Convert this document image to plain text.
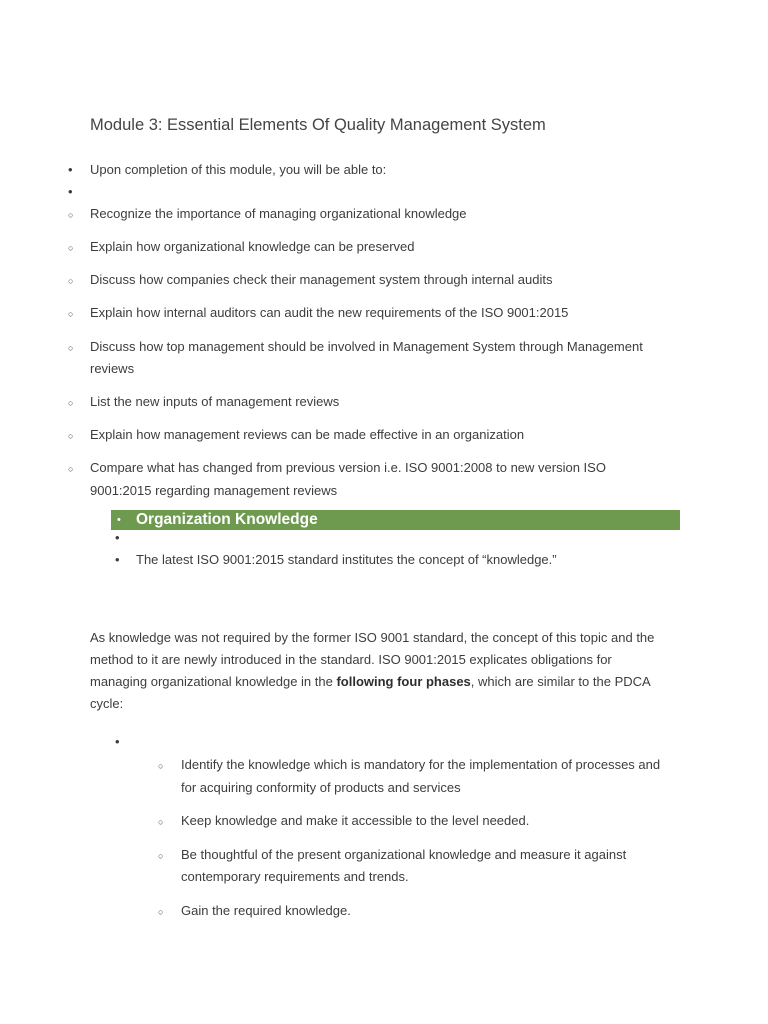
Module 3: Essential Elements Of Quality Management System
•
Upon completion of this module, you will be able to:
•
○
Recognize the importance of managing organizational knowledge
○
Explain how organizational knowledge can be preserved
○
Discuss how companies check their management system through internal audits
○
Explain how internal auditors can audit the new requirements of the ISO 9001:2015
○
Discuss how top management should be involved in Management System through Management
reviews
○
List the new inputs of management reviews
○
Explain how management reviews can be made effective in an organization
○
Compare what has changed from previous version i.e. ISO 9001:2008 to new version ISO
9001:2015 regarding management reviews
•
Organization Knowledge
•
•
The latest ISO 9001:2015 standard institutes the concept of “knowledge.”
As knowledge was not required by the former ISO 9001 standard, the concept of this topic and the
method to it are newly introduced in the standard. ISO 9001:2015 explicates obligations for
managing organizational knowledge in the following four phases, which are similar to the PDCA
cycle:
•
○
Identify the knowledge which is mandatory for the implementation of processes and
for acquiring conformity of products and services
○
Keep knowledge and make it accessible to the level needed.
○
Be thoughtful of the present organizational knowledge and measure it against
contemporary requirements and trends.
○
Gain the required knowledge.
